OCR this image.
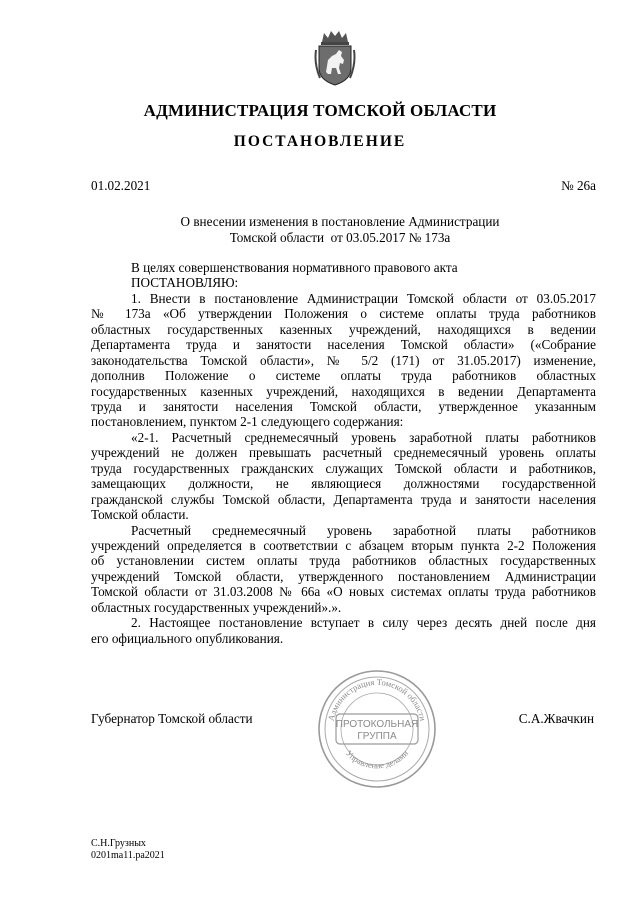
АДМИНИСТРАЦИЯ ТОМСКОЙ ОБЛАСТИ
ПОСТАНОВЛЕНИЕ
01.02.2021	№ 26а
О внесении изменения в постановление Администрации
Томской области  от 03.05.2017 № 173а
В целях совершенствования нормативного правового акта
ПОСТАНОВЛЯЮ:
1. Внести в постановление Администрации Томской области от 03.05.2017
№ 173а «Об утверждении Положения о системе оплаты труда работников
областных государственных казенных учреждений, находящихся в ведении
Департамента труда и занятости населения Томской области» («Собрание
законодательства Томской области», № 5/2 (171) от 31.05.2017) изменение,
дополнив Положение о системе оплаты труда работников областных
государственных казенных учреждений, находящихся в ведении Департамента
труда и занятости населения Томской области, утвержденное указанным
постановлением, пунктом 2-1 следующего содержания:
«2-1. Расчетный среднемесячный уровень заработной платы работников
учреждений не должен превышать расчетный среднемесячный уровень оплаты
труда государственных гражданских служащих Томской области и работников,
замещающих должности, не являющиеся должностями государственной
гражданской службы Томской области, Департамента труда и занятости населения
Томской области.
Расчетный среднемесячный уровень заработной платы работников
учреждений определяется в соответствии с абзацем вторым пункта 2-2 Положения
об установлении систем оплаты труда работников областных государственных
учреждений Томской области, утвержденного постановлением Администрации
Томской области от 31.03.2008 № 66а «О новых системах оплаты труда работников
областных государственных учреждений».».
2. Настоящее постановление вступает в силу через десять дней после дня
его официального опубликования.
Губернатор Томской области	Администрация Томской области
Управление делами
ПРОТОКОЛЬНАЯ
ГРУППА
С.А.Жвачкин
С.Н.Грузных
0201ma11.pa2021
